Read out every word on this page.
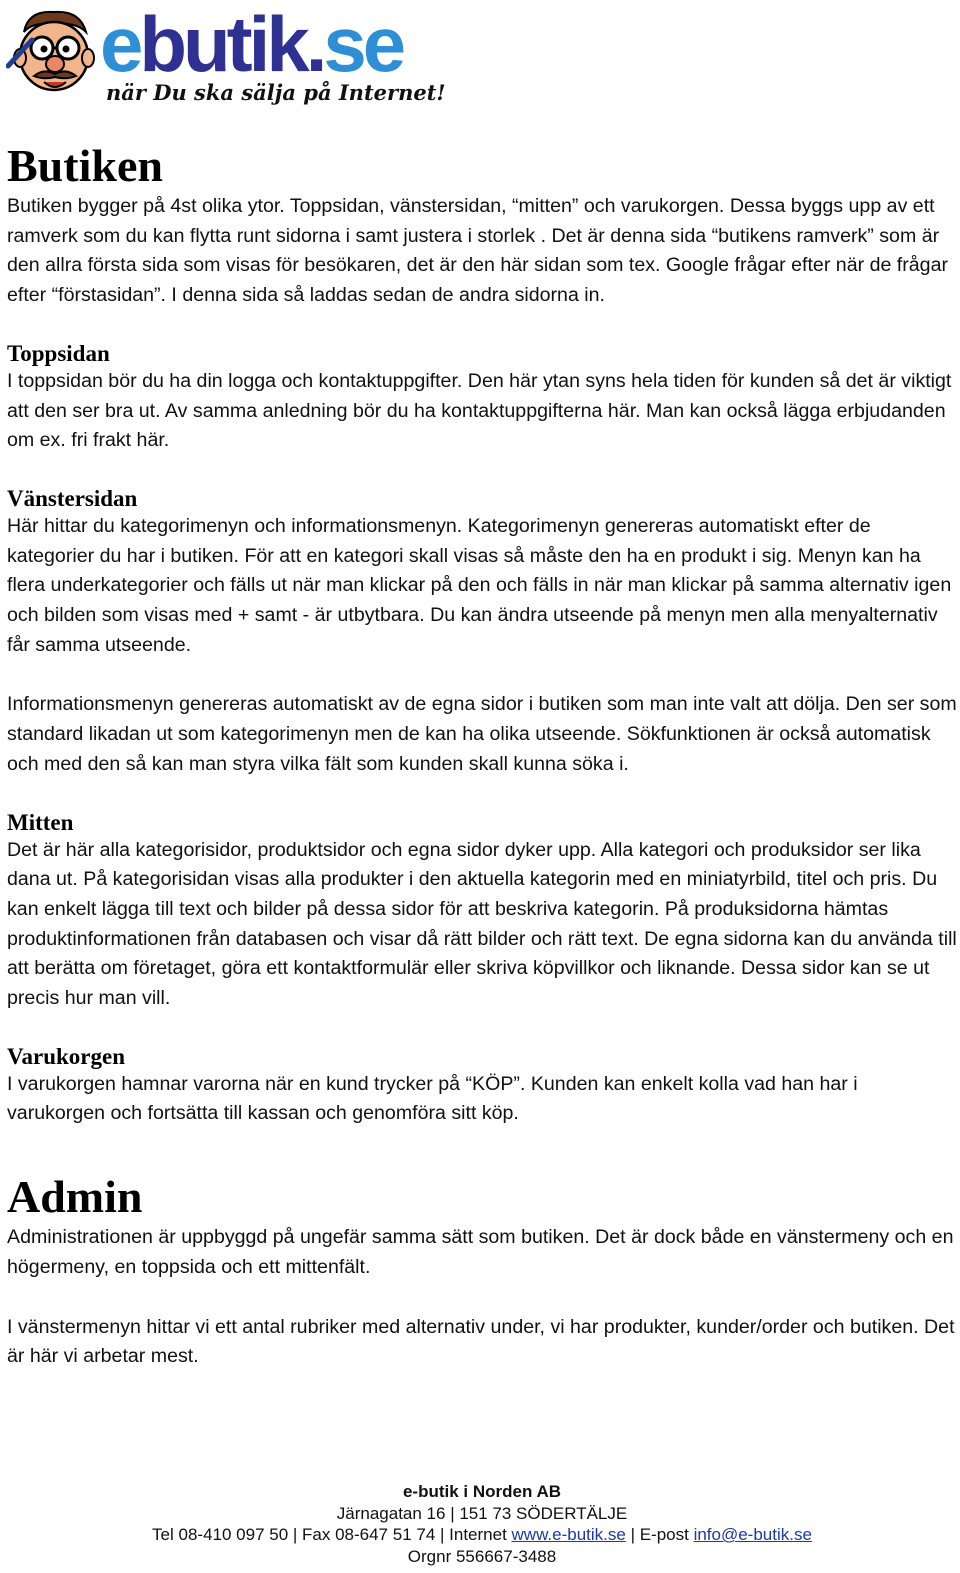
ebutik.se
när Du ska sälja på Internet!
Butiken

Butiken bygger på 4st olika ytor. Toppsidan, vänstersidan, “mitten” och varukorgen. Dessa byggs upp av ett ramverk som du kan flytta runt sidorna i samt justera i storlek . Det är denna sida “butikens ramverk” som är den allra första sida som visas för besökaren, det är den här sidan som tex. Google frågar efter när de frågar efter “förstasidan”. I denna sida så laddas sedan de andra sidorna in.

Toppsidan

I toppsidan bör du ha din logga och kontaktuppgifter. Den här ytan syns hela tiden för kunden så det är viktigt att den ser bra ut. Av samma anledning bör du ha kontaktuppgifterna här. Man kan också lägga erbjudanden om ex. fri frakt här.

Vänstersidan

Här hittar du kategorimenyn och informationsmenyn. Kategorimenyn genereras automatiskt efter de kategorier du har i butiken. För att en kategori skall visas så måste den ha en produkt i sig. Menyn kan ha flera underkategorier och fälls ut när man klickar på den och fälls in när man klickar på samma alternativ igen och bilden som visas med + samt - är utbytbara. Du kan ändra utseende på menyn men alla menyalternativ får samma utseende.

Informationsmenyn genereras automatiskt av de egna sidor i butiken som man inte valt att dölja. Den ser som standard likadan ut som kategorimenyn men de kan ha olika utseende. Sökfunktionen är också automatisk och med den så kan man styra vilka fält som kunden skall kunna söka i.

Mitten

Det är här alla kategorisidor, produktsidor och egna sidor dyker upp. Alla kategori och produksidor ser lika dana ut. På kategorisidan visas alla produkter i den aktuella kategorin med en miniatyrbild, titel och pris. Du kan enkelt lägga till text och bilder på dessa sidor för att beskriva kategorin. På produksidorna hämtas produktinformationen från databasen och visar då rätt bilder och rätt text. De egna sidorna kan du använda till att berätta om företaget, göra ett kontaktformulär eller skriva köpvillkor och liknande. Dessa sidor kan se ut precis hur man vill.

Varukorgen

I varukorgen hamnar varorna när en kund trycker på “KÖP”. Kunden kan enkelt kolla vad han har i varukorgen och fortsätta till kassan och genomföra sitt köp.

Admin

Administrationen är uppbyggd på ungefär samma sätt som butiken. Det är dock både en vänstermeny och en högermeny, en toppsida och ett mittenfält.

I vänstermenyn hittar vi ett antal rubriker med alternativ under, vi har produkter, kunder/order och butiken. Det är här vi arbetar mest.

e-butik i Norden AB
Järnagatan 16 | 151 73 SÖDERTÄLJE
Tel 08-410 097 50 | Fax 08-647 51 74 | Internet www.e-butik.se | E-post info@e-butik.se
Orgnr 556667-3488
